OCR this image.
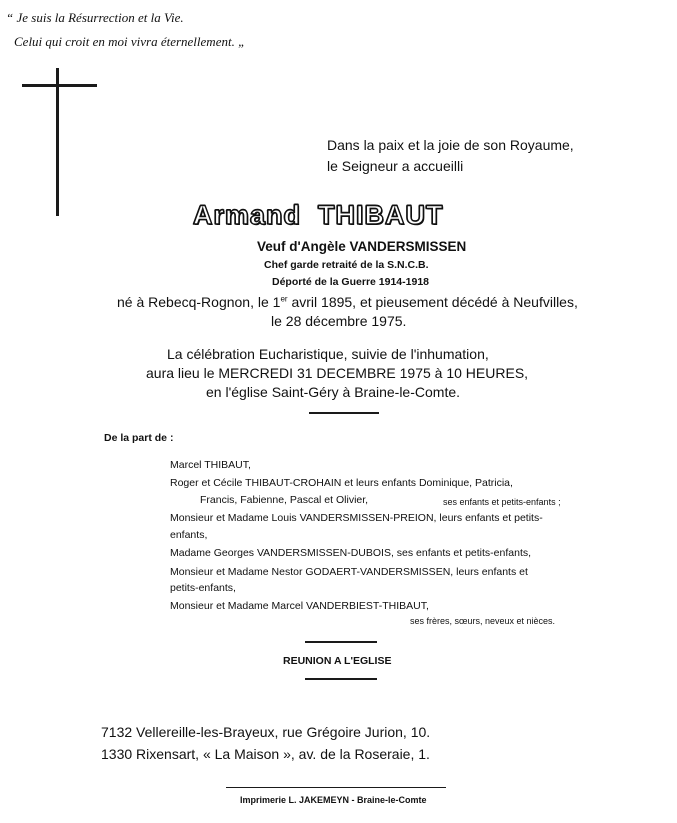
“ Je suis la Résurrection et la Vie.
Celui qui croit en moi vivra éternellement. „
Dans la paix et la joie de son Royaume,
le Seigneur a accueilli
Armand THIBAUT
Veuf d'Angèle VANDERSMISSEN
Chef garde retraité de la S.N.C.B.
Déporté de la Guerre 1914-1918
né à Rebecq-Rognon, le 1er avril 1895, et pieusement décédé à Neufvilles,
le 28 décembre 1975.
La célébration Eucharistique, suivie de l'inhumation,
aura lieu le MERCREDI 31 DECEMBRE 1975 à 10 HEURES,
en l'église Saint-Géry à Braine-le-Comte.
De la part de :
Marcel THIBAUT,
Roger et Cécile THIBAUT-CROHAIN et leurs enfants Dominique, Patricia,
Francis, Fabienne, Pascal et Olivier,	ses enfants et petits-enfants ;
Monsieur et Madame Louis VANDERSMISSEN-PREION, leurs enfants et petits-
enfants,
Madame Georges VANDERSMISSEN-DUBOIS, ses enfants et petits-enfants,
Monsieur et Madame Nestor GODAERT-VANDERSMISSEN, leurs enfants et
petits-enfants,
Monsieur et Madame Marcel VANDERBIEST-THIBAUT,
ses frères, sœurs, neveux et nièces.
REUNION A L'EGLISE
7132 Vellereille-les-Brayeux, rue Grégoire Jurion, 10.
1330 Rixensart, « La Maison », av. de la Roseraie, 1.
Imprimerie L. JAKEMEYN - Braine-le-Comte
